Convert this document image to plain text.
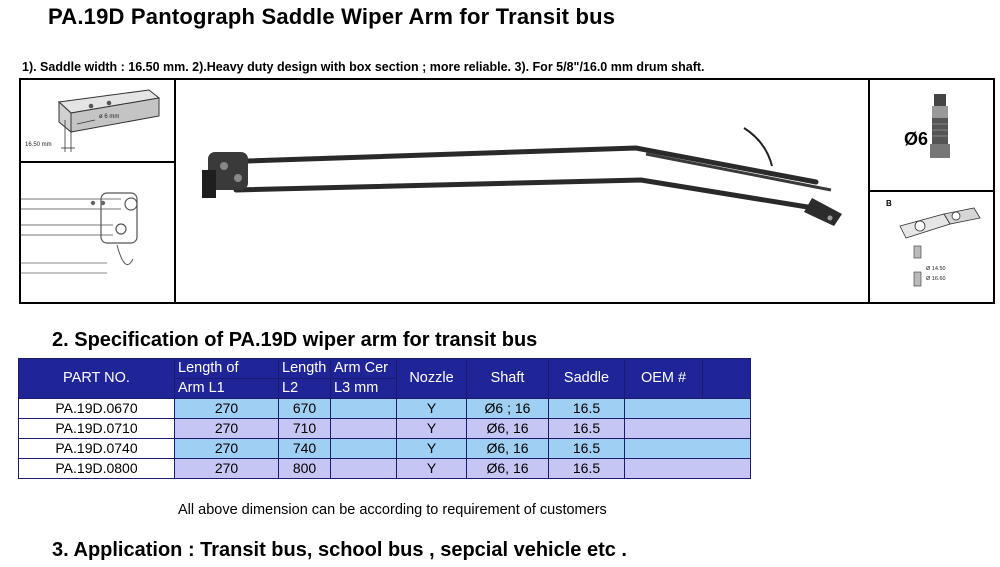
PA.19D Pantograph Saddle Wiper Arm for Transit bus
1). Saddle width : 16.50 mm. 2).Heavy duty design with box section ; more reliable. 3). For 5/8"/16.0 mm drum shaft.
ø 6 mm
16.50 mm	Ø6
B
Ø 14.50
Ø 16.60
2. Specification of PA.19D wiper arm for transit bus
PART NO.	Length of	Length	Arm Cer	Nozzle	Shaft	Saddle	OEM #	
	Arm L1	L2	L3 mm					
PA.19D.0670	270	670		Y	Ø6 ; 16	16.5		
PA.19D.0710	270	710		Y	Ø6, 16	16.5		
PA.19D.0740	270	740		Y	Ø6, 16	16.5		
PA.19D.0800	270	800		Y	Ø6, 16	16.5		
All above dimension can be according to requirement of customers
3. Application : Transit bus, school bus , sepcial vehicle etc .
